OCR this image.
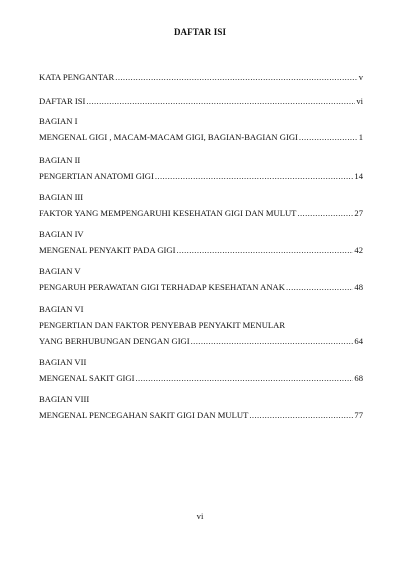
DAFTAR ISI
KATA PENGANTAR .....	v
DAFTAR ISI .....	vi
BAGIAN I
MENGENAL GIGI , MACAM-MACAM GIGI, BAGIAN-BAGIAN GIGI .....	1
BAGIAN II
PENGERTIAN ANATOMI GIGI .....	14
BAGIAN III
FAKTOR YANG MEMPENGARUHI KESEHATAN GIGI DAN MULUT .....	27
BAGIAN IV
MENGENAL PENYAKIT PADA GIGI .....	42
BAGIAN V
PENGARUH PERAWATAN GIGI TERHADAP KESEHATAN ANAK .....	48
BAGIAN VI
PENGERTIAN DAN FAKTOR PENYEBAB PENYAKIT MENULAR
YANG BERHUBUNGAN DENGAN GIGI .....	64
BAGIAN VII
MENGENAL SAKIT GIGI .....	68
BAGIAN VIII
MENGENAL PENCEGAHAN SAKIT GIGI DAN MULUT .....	77
vi
